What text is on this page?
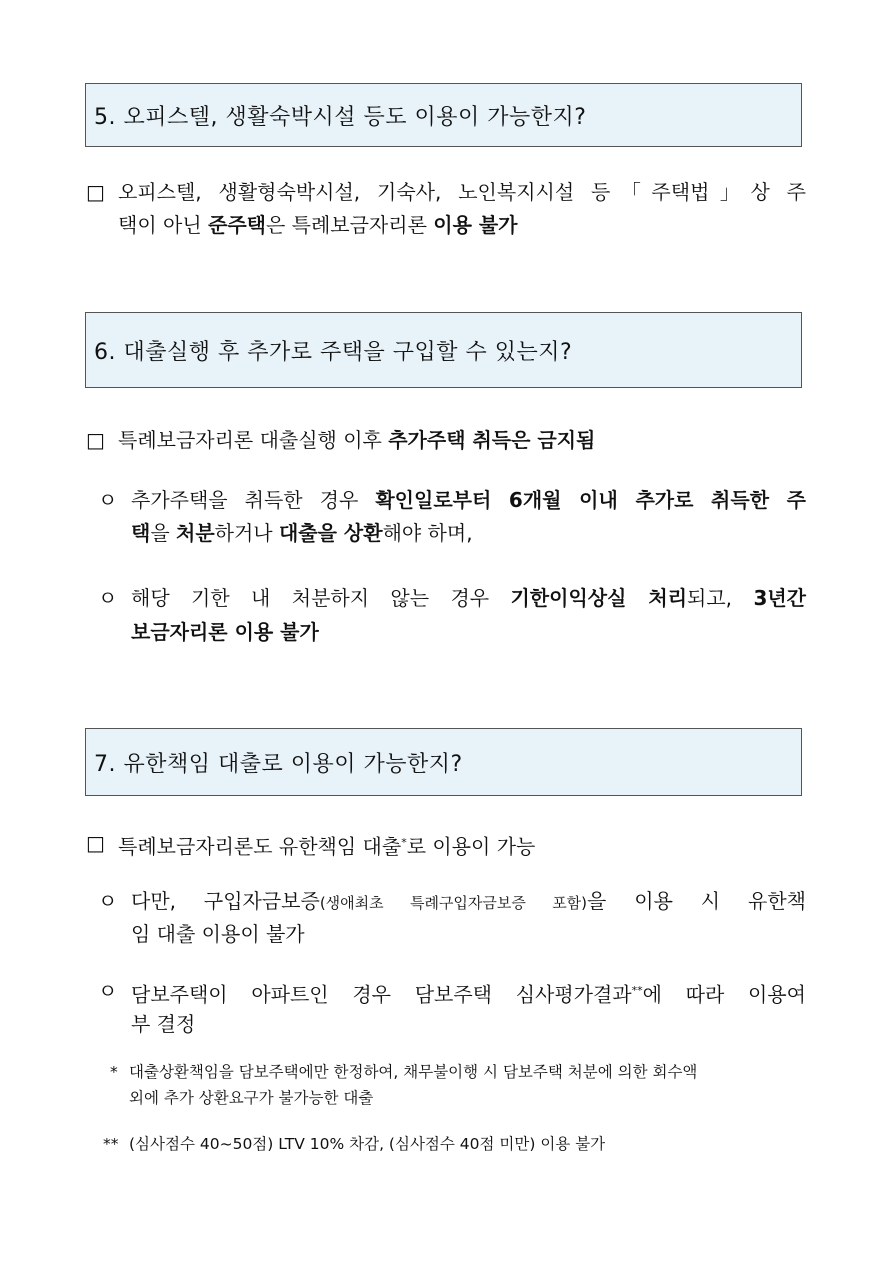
5. 오피스텔, 생활숙박시설 등도 이용이 가능한지?
□ 오피스텔, 생활형숙박시설, 기숙사, 노인복지시설 등「주택법」상 주
택이 아닌 준주택은 특례보금자리론 이용 불가
6. 대출실행 후 추가로 주택을 구입할 수 있는지?
□ 특례보금자리론 대출실행 이후 추가주택 취득은 금지됨
ㅇ 추가주택을 취득한 경우 확인일로부터 6개월 이내 추가로 취득한 주
택을 처분하거나 대출을 상환해야 하며,
ㅇ 해당 기한 내 처분하지 않는 경우 기한이익상실 처리되고, 3년간
보금자리론 이용 불가
7. 유한책임 대출로 이용이 가능한지?
□ 특례보금자리론도 유한책임 대출*로 이용이 가능
ㅇ 다만, 구입자금보증(생애최초 특례구입자금보증 포함)을 이용 시 유한책
임 대출 이용이 불가
ㅇ 담보주택이 아파트인 경우 담보주택 심사평가결과**에 따라 이용여
부 결정
* 대출상환책임을 담보주택에만 한정하여, 채무불이행 시 담보주택 처분에 의한 회수액
외에 추가 상환요구가 불가능한 대출
** (심사점수 40~50점) LTV 10% 차감, (심사점수 40점 미만) 이용 불가
